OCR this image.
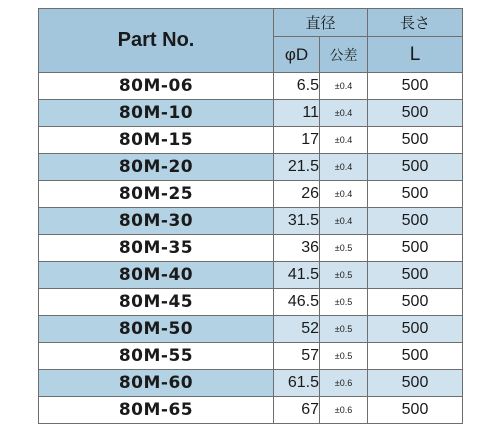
Part No.	直径		長さ
	φD	公差	L
80M-06	6.5	±0.4	500
80M-10	11	±0.4	500
80M-15	17	±0.4	500
80M-20	21.5	±0.4	500
80M-25	26	±0.4	500
80M-30	31.5	±0.4	500
80M-35	36	±0.5	500
80M-40	41.5	±0.5	500
80M-45	46.5	±0.5	500
80M-50	52	±0.5	500
80M-55	57	±0.5	500
80M-60	61.5	±0.6	500
80M-65	67	±0.6	500
